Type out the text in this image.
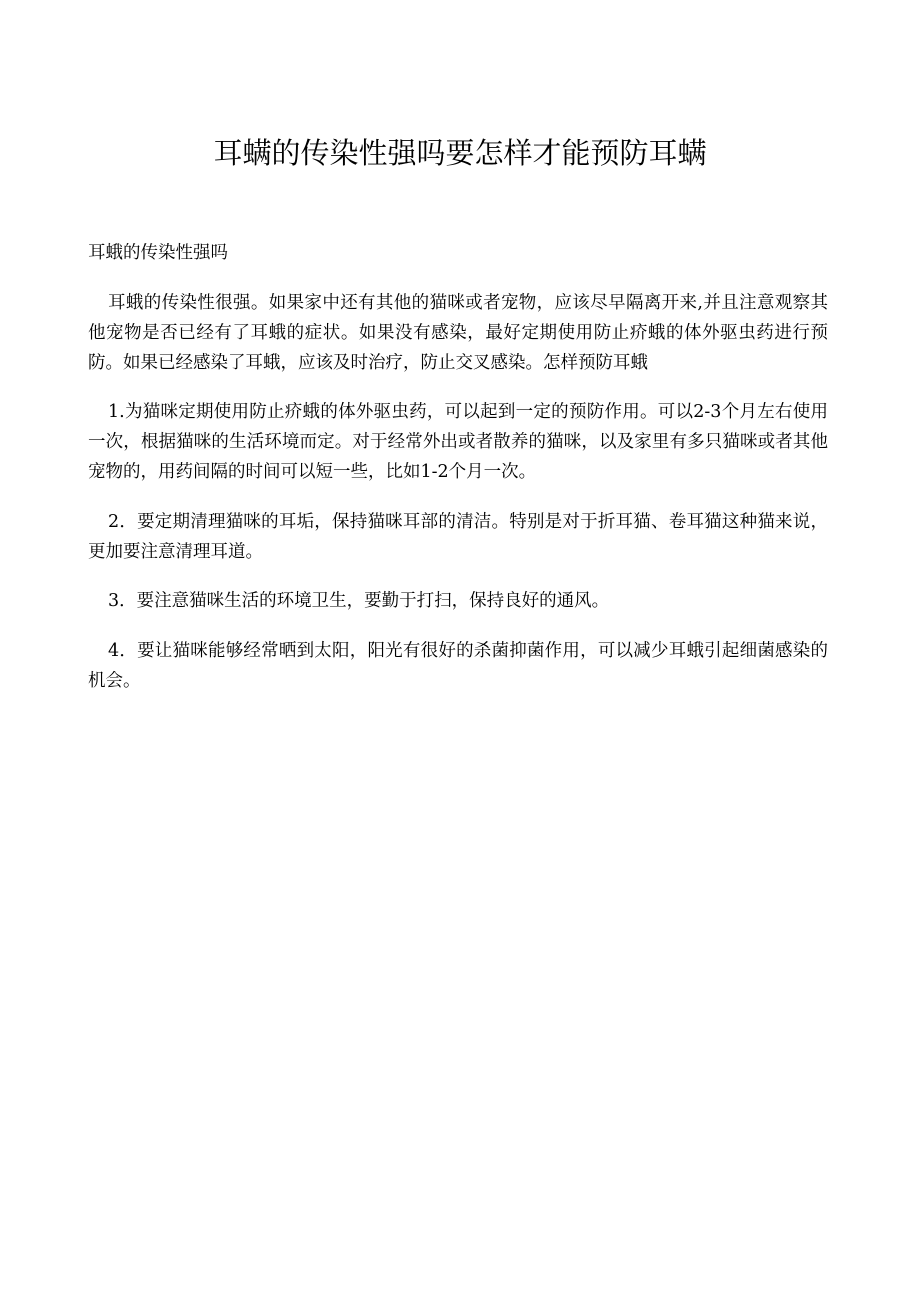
耳螨的传染性强吗要怎样才能预防耳螨

耳蛾的传染性强吗

耳蛾的传染性很强。如果家中还有其他的猫咪或者宠物，应该尽早隔离开来,并且注意观察其他宠物是否已经有了耳蛾的症状。如果没有感染，最好定期使用防止疥蛾的体外驱虫药进行预防。如果已经感染了耳蛾，应该及时治疗，防止交叉感染。怎样预防耳蛾

1.为猫咪定期使用防止疥蛾的体外驱虫药，可以起到一定的预防作用。可以2-3个月左右使用一次，根据猫咪的生活环境而定。对于经常外出或者散养的猫咪，以及家里有多只猫咪或者其他宠物的，用药间隔的时间可以短一些，比如1-2个月一次。

2．要定期清理猫咪的耳垢，保持猫咪耳部的清洁。特别是对于折耳猫、卷耳猫这种猫来说，更加要注意清理耳道。

3．要注意猫咪生活的环境卫生，要勤于打扫，保持良好的通风。

4．要让猫咪能够经常晒到太阳，阳光有很好的杀菌抑菌作用，可以减少耳蛾引起细菌感染的机会。
